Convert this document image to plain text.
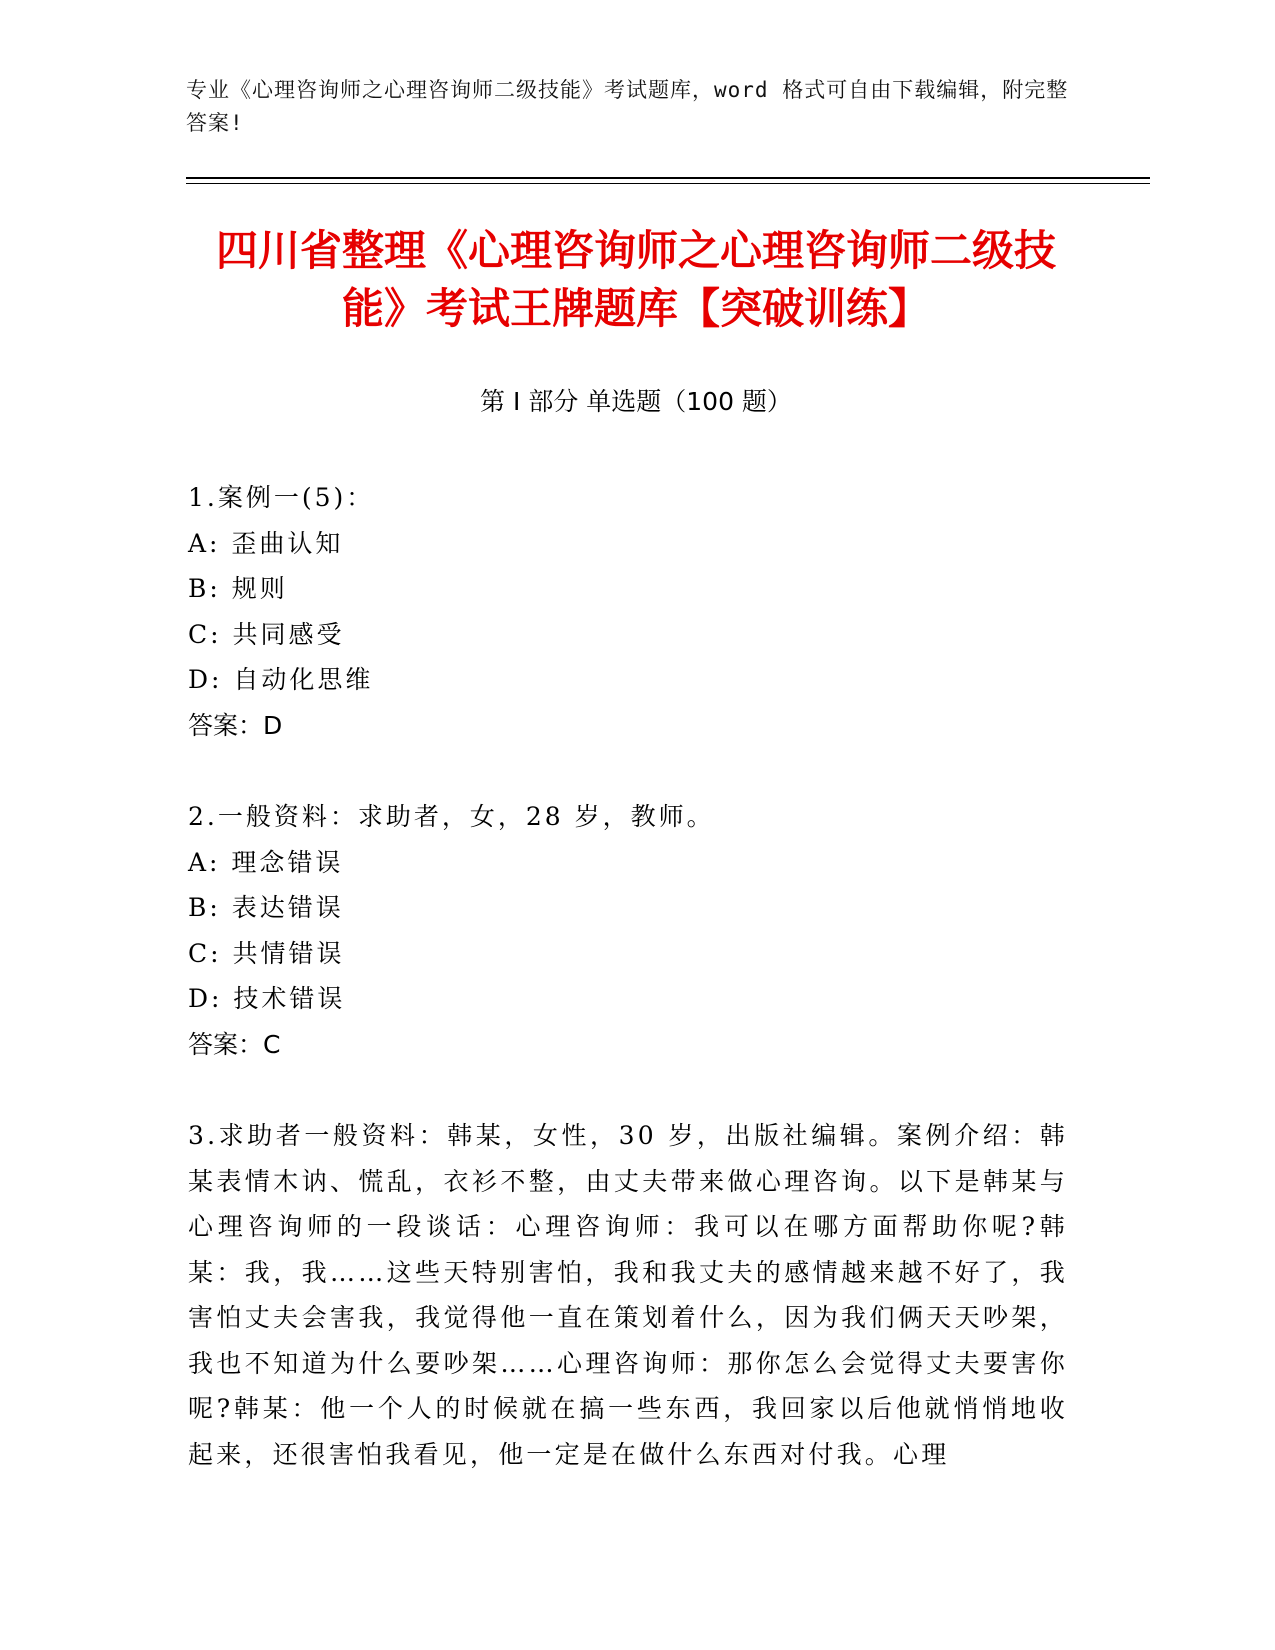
专业《心理咨询师之心理咨询师二级技能》考试题库，word 格式可自由下载编辑，附完整答案!
四川省整理《心理咨询师之心理咨询师二级技能》考试王牌题库【突破训练】
第 I 部分 单选题（100 题）
1.案例一(5)：
A: 歪曲认知
B: 规则
C: 共同感受
D: 自动化思维
答案：D
2.一般资料：求助者，女，28 岁，教师。
A: 理念错误
B: 表达错误
C: 共情错误
D: 技术错误
答案：C
3.求助者一般资料：韩某，女性，30 岁，出版社编辑。案例介绍：韩某表情木讷、慌乱，衣衫不整，由丈夫带来做心理咨询。以下是韩某与心理咨询师的一段谈话：心理咨询师：我可以在哪方面帮助你呢?韩某：我，我……这些天特别害怕，我和我丈夫的感情越来越不好了，我害怕丈夫会害我，我觉得他一直在策划着什么，因为我们俩天天吵架，我也不知道为什么要吵架……心理咨询师：那你怎么会觉得丈夫要害你呢?韩某：他一个人的时候就在搞一些东西，我回家以后他就悄悄地收起来，还很害怕我看见，他一定是在做什么东西对付我。心理
